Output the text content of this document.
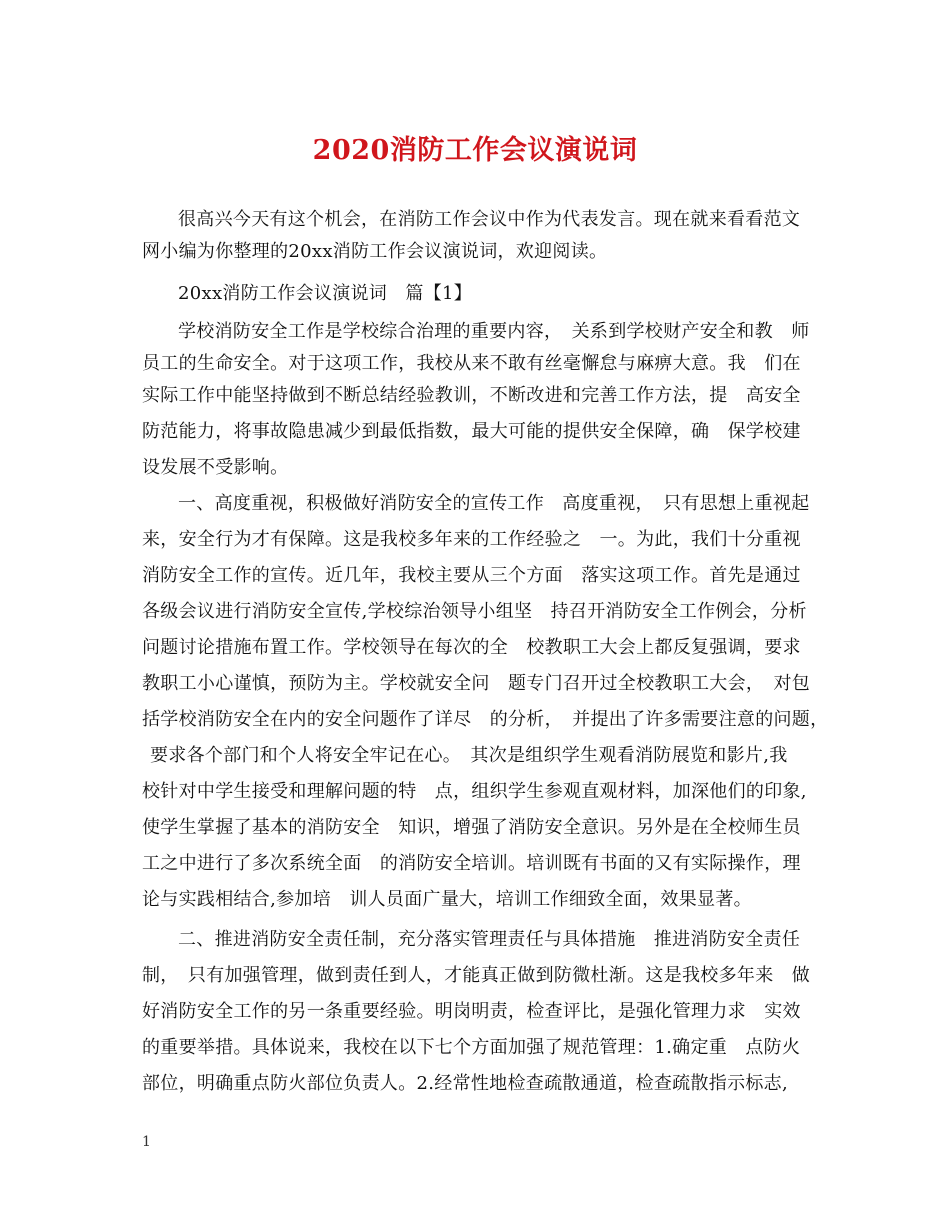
2020消防工作会议演说词
很高兴今天有这个机会，在消防工作会议中作为代表发言。现在就来看看范文
网小编为你整理的20xx消防工作会议演说词，欢迎阅读。
20xx消防工作会议演说词　篇【1】
学校消防安全工作是学校综合治理的重要内容，　关系到学校财产安全和教　师
员工的生命安全。对于这项工作，我校从来不敢有丝毫懈怠与麻痹大意。我　们在
实际工作中能坚持做到不断总结经验教训，不断改进和完善工作方法，提　高安全
防范能力，将事故隐患减少到最低指数，最大可能的提供安全保障，确　保学校建
设发展不受影响。
一、高度重视，积极做好消防安全的宣传工作　高度重视，　只有思想上重视起
来，安全行为才有保障。这是我校多年来的工作经验之　一。为此，我们十分重视
消防安全工作的宣传。近几年，我校主要从三个方面　落实这项工作。首先是通过
各级会议进行消防安全宣传,学校综治领导小组坚　持召开消防安全工作例会，分析
问题讨论措施布置工作。学校领导在每次的全　校教职工大会上都反复强调，要求
教职工小心谨慎，预防为主。学校就安全问　题专门召开过全校教职工大会，　对包
括学校消防安全在内的安全问题作了详尽　的分析，　并提出了许多需要注意的问题，
要求各个部门和个人将安全牢记在心。　其次是组织学生观看消防展览和影片,我
校针对中学生接受和理解问题的特　点，组织学生参观直观材料，加深他们的印象,
使学生掌握了基本的消防安全　知识，增强了消防安全意识。另外是在全校师生员
工之中进行了多次系统全面　的消防安全培训。培训既有书面的又有实际操作，理
论与实践相结合,参加培　训人员面广量大，培训工作细致全面，效果显著。
二、推进消防安全责任制，充分落实管理责任与具体措施　推进消防安全责任
制，　只有加强管理，做到责任到人，才能真正做到防微杜渐。这是我校多年来　做
好消防安全工作的另一条重要经验。明岗明责，检查评比，是强化管理力求　实效
的重要举措。具体说来，我校在以下七个方面加强了规范管理：1.确定重　点防火
部位，明确重点防火部位负责人。2.经常性地检查疏散通道，检查疏散指示标志,
1
